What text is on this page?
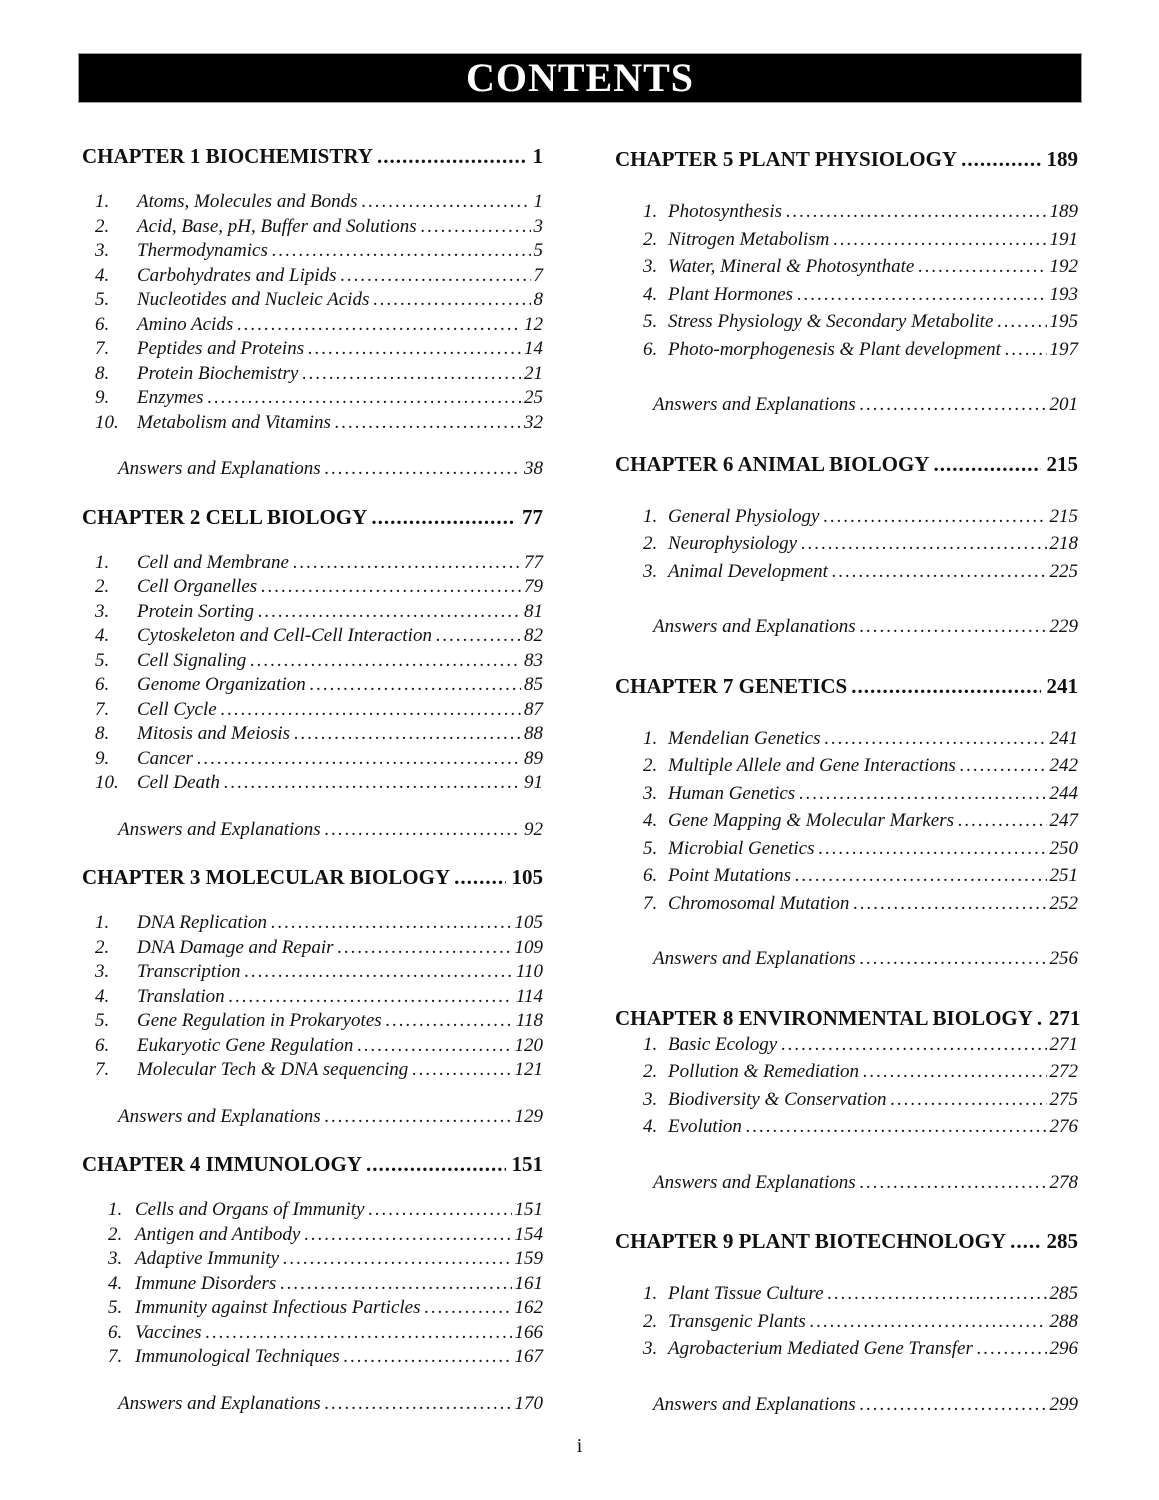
CONTENTS
CHAPTER 1 BIOCHEMISTRY .....	1
1.	Atoms, Molecules and Bonds .....	1
2.	Acid, Base, pH, Buffer and Solutions .....	3
3.	Thermodynamics .....	5
4.	Carbohydrates and Lipids .....	7
5.	Nucleotides and Nucleic Acids .....	8
6.	Amino Acids .....	12
7.	Peptides and Proteins .....	14
8.	Protein Biochemistry .....	21
9.	Enzymes .....	25
10. Metabolism and Vitamins .....	32
Answers and Explanations .....	38
CHAPTER 2 CELL BIOLOGY .....	77
1.	Cell and Membrane .....	77
2.	Cell Organelles .....	79
3.	Protein Sorting .....	81
4.	Cytoskeleton and Cell-Cell Interaction .....	82
5.	Cell Signaling .....	83
6.	Genome Organization .....	85
7.	Cell Cycle .....	87
8.	Mitosis and Meiosis .....	88
9.	Cancer .....	89
10. Cell Death .....	91
Answers and Explanations .....	92
CHAPTER 3 MOLECULAR BIOLOGY .....	105
1.	DNA Replication .....	105
2.	DNA Damage and Repair .....	109
3.	Transcription .....	110
4.	Translation .....	114
5.	Gene Regulation in Prokaryotes .....	118
6.	Eukaryotic Gene Regulation .....	120
7.	Molecular Tech & DNA sequencing .....	121
Answers and Explanations .....	129
CHAPTER 4 IMMUNOLOGY .....	151
1. Cells and Organs of Immunity .....	151
2. Antigen and Antibody .....	154
3. Adaptive Immunity .....	159
4. Immune Disorders .....	161
5. Immunity against Infectious Particles .....	162
6. Vaccines .....	166
7. Immunological Techniques .....	167
Answers and Explanations .....	170
CHAPTER 5 PLANT PHYSIOLOGY .....	189
1. Photosynthesis .....	189
2. Nitrogen Metabolism .....	191
3. Water, Mineral & Photosynthate .....	192
4. Plant Hormones .....	193
5. Stress Physiology & Secondary Metabolite .....	195
6. Photo-morphogenesis & Plant development .....	197
Answers and Explanations .....	201
CHAPTER 6 ANIMAL BIOLOGY .....	215
1. General Physiology .....	215
2. Neurophysiology .....	218
3. Animal Development .....	225
Answers and Explanations .....	229
CHAPTER 7 GENETICS .....	241
1. Mendelian Genetics .....	241
2. Multiple Allele and Gene Interactions .....	242
3. Human Genetics .....	244
4. Gene Mapping & Molecular Markers .....	247
5. Microbial Genetics .....	250
6. Point Mutations .....	251
7. Chromosomal Mutation .....	252
Answers and Explanations .....	256
CHAPTER 8 ENVIRONMENTAL BIOLOGY ..... 271
1. Basic Ecology .....	271
2. Pollution & Remediation .....	272
3. Biodiversity & Conservation .....	275
4. Evolution .....	276
Answers and Explanations .....	278
CHAPTER 9 PLANT BIOTECHNOLOGY ..... 285
1. Plant Tissue Culture .....	285
2. Transgenic Plants .....	288
3. Agrobacterium Mediated Gene Transfer .....	296
Answers and Explanations .....	299
i
